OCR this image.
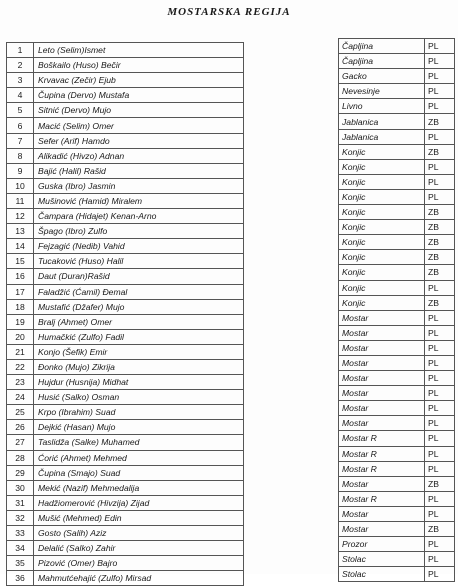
MOSTARSKA REGIJA
1	Leto (Selim)Ismet
2	Boškailo (Huso) Bečir
3	Krvavac (Zečir) Ejub
4	Čupina (Dervo) Mustafa
5	Sitnić (Dervo) Mujo
6	Macić (Selim) Omer
7	Sefer (Arif) Hamdo
8	Alikadić (Hivzo) Adnan
9	Bajić (Halil) Rašid
10	Guska (Ibro) Jasmin
11	Mušinović (Hamid) Miralem
12	Čampara (Hidajet) Kenan-Arno
13	Špago (Ibro) Zulfo
14	Fejzagić (Nedib) Vahid
15	Tucaković (Huso) Halil
16	Daut (Duran)Rašid
17	Faladžić (Ćamil) Đemal
18	Mustafić (Džafer) Mujo
19	Bralj (Ahmet) Omer
20	Humačkić (Zulfo) Fadil
21	Konjo (Šefik) Emir
22	Đonko (Mujo) Zikrija
23	Hujdur (Husnija) Midhat
24	Husić (Salko) Osman
25	Krpo (Ibrahim) Suad
26	Dejkić (Hasan) Mujo
27	Taslidža (Salke) Muhamed
28	Ćorić (Ahmet) Mehmed
29	Čupina (Smajo) Suad
30	Mekić (Nazif) Mehmedalija
31	Hadžiomerović (Hivzija) Zijad
32	Mušić (Mehmed) Edin
33	Gosto (Salih) Aziz
34	Delalić (Salko) Zahir
35	Pizović (Omer) Bajro
36	Mahmutćehajić (Zulfo) Mirsad
Čapljina	PL
Čapljina	PL
Gacko	PL
Nevesinje	PL
Livno	PL
Jablanica	ZB
Jablanica	PL
Konjic	ZB
Konjic	PL
Konjic	PL
Konjic	PL
Konjic	ZB
Konjic	ZB
Konjic	ZB
Konjic	ZB
Konjic	ZB
Konjic	PL
Konjic	ZB
Mostar	PL
Mostar	PL
Mostar	PL
Mostar	PL
Mostar	PL
Mostar	PL
Mostar	PL
Mostar	PL
Mostar R	PL
Mostar R	PL
Mostar R	PL
Mostar	ZB
Mostar R	PL
Mostar	PL
Mostar	ZB
Prozor	PL
Stolac	PL
Stolac	PL
